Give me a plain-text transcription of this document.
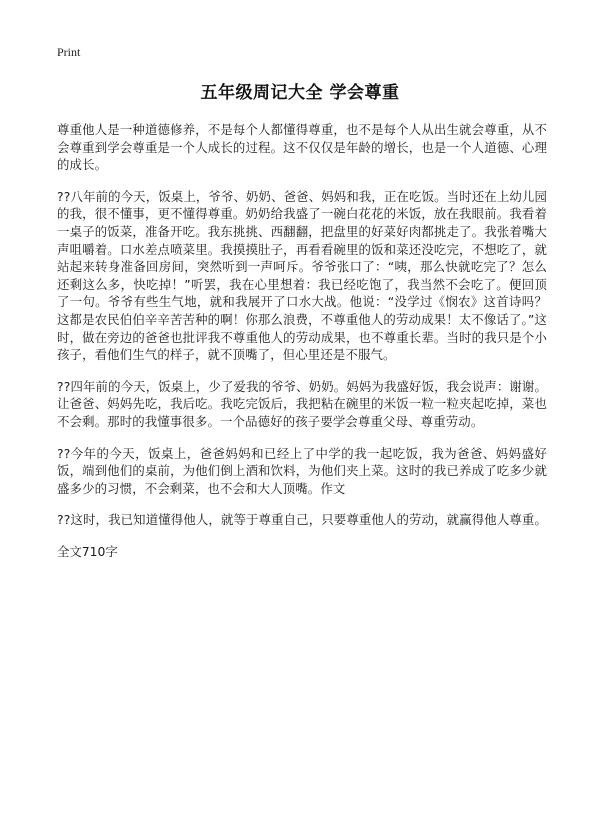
Print
五年级周记大全 学会尊重

尊重他人是一种道德修养，不是每个人都懂得尊重，也不是每个人从出生就会尊重，从不会尊重到学会尊重是一个人成长的过程。这不仅仅是年龄的增长，也是一个人道德、心理的成长。

??八年前的今天，饭桌上，爷爷、奶奶、爸爸、妈妈和我，正在吃饭。当时还在上幼儿园的我，很不懂事，更不懂得尊重。奶奶给我盛了一碗白花花的米饭，放在我眼前。我看着一桌子的饭菜，准备开吃。我东挑挑、西翻翻，把盘里的好菜好肉都挑走了。我张着嘴大声咀嚼着。口水差点喷菜里。我摸摸肚子，再看看碗里的饭和菜还没吃完，不想吃了，就站起来转身准备回房间，突然听到一声呵斥。爷爷张口了：“咦，那么快就吃完了？怎么还剩这么多，快吃掉！”听罢，我在心里想着：我已经吃饱了，我当然不会吃了。便回顶了一句。爷爷有些生气地，就和我展开了口水大战。他说：“没学过《悯农》这首诗吗？这都是农民伯伯辛辛苦苦种的啊！你那么浪费，不尊重他人的劳动成果！太不像话了。”这时，做在旁边的爸爸也批评我不尊重他人的劳动成果，也不尊重长辈。当时的我只是个小孩子，看他们生气的样子，就不顶嘴了，但心里还是不服气。

??四年前的今天，饭桌上，少了爱我的爷爷、奶奶。妈妈为我盛好饭，我会说声：谢谢。让爸爸、妈妈先吃，我后吃。我吃完饭后，我把粘在碗里的米饭一粒一粒夹起吃掉，菜也不会剩。那时的我懂事很多。一个品德好的孩子要学会尊重父母、尊重劳动。

??今年的今天，饭桌上，爸爸妈妈和已经上了中学的我一起吃饭，我为爸爸、妈妈盛好饭，端到他们的桌前，为他们倒上酒和饮料，为他们夹上菜。这时的我已养成了吃多少就盛多少的习惯，不会剩菜，也不会和大人顶嘴。作文

??这时，我已知道懂得他人，就等于尊重自己，只要尊重他人的劳动，就赢得他人尊重。

全文710字
